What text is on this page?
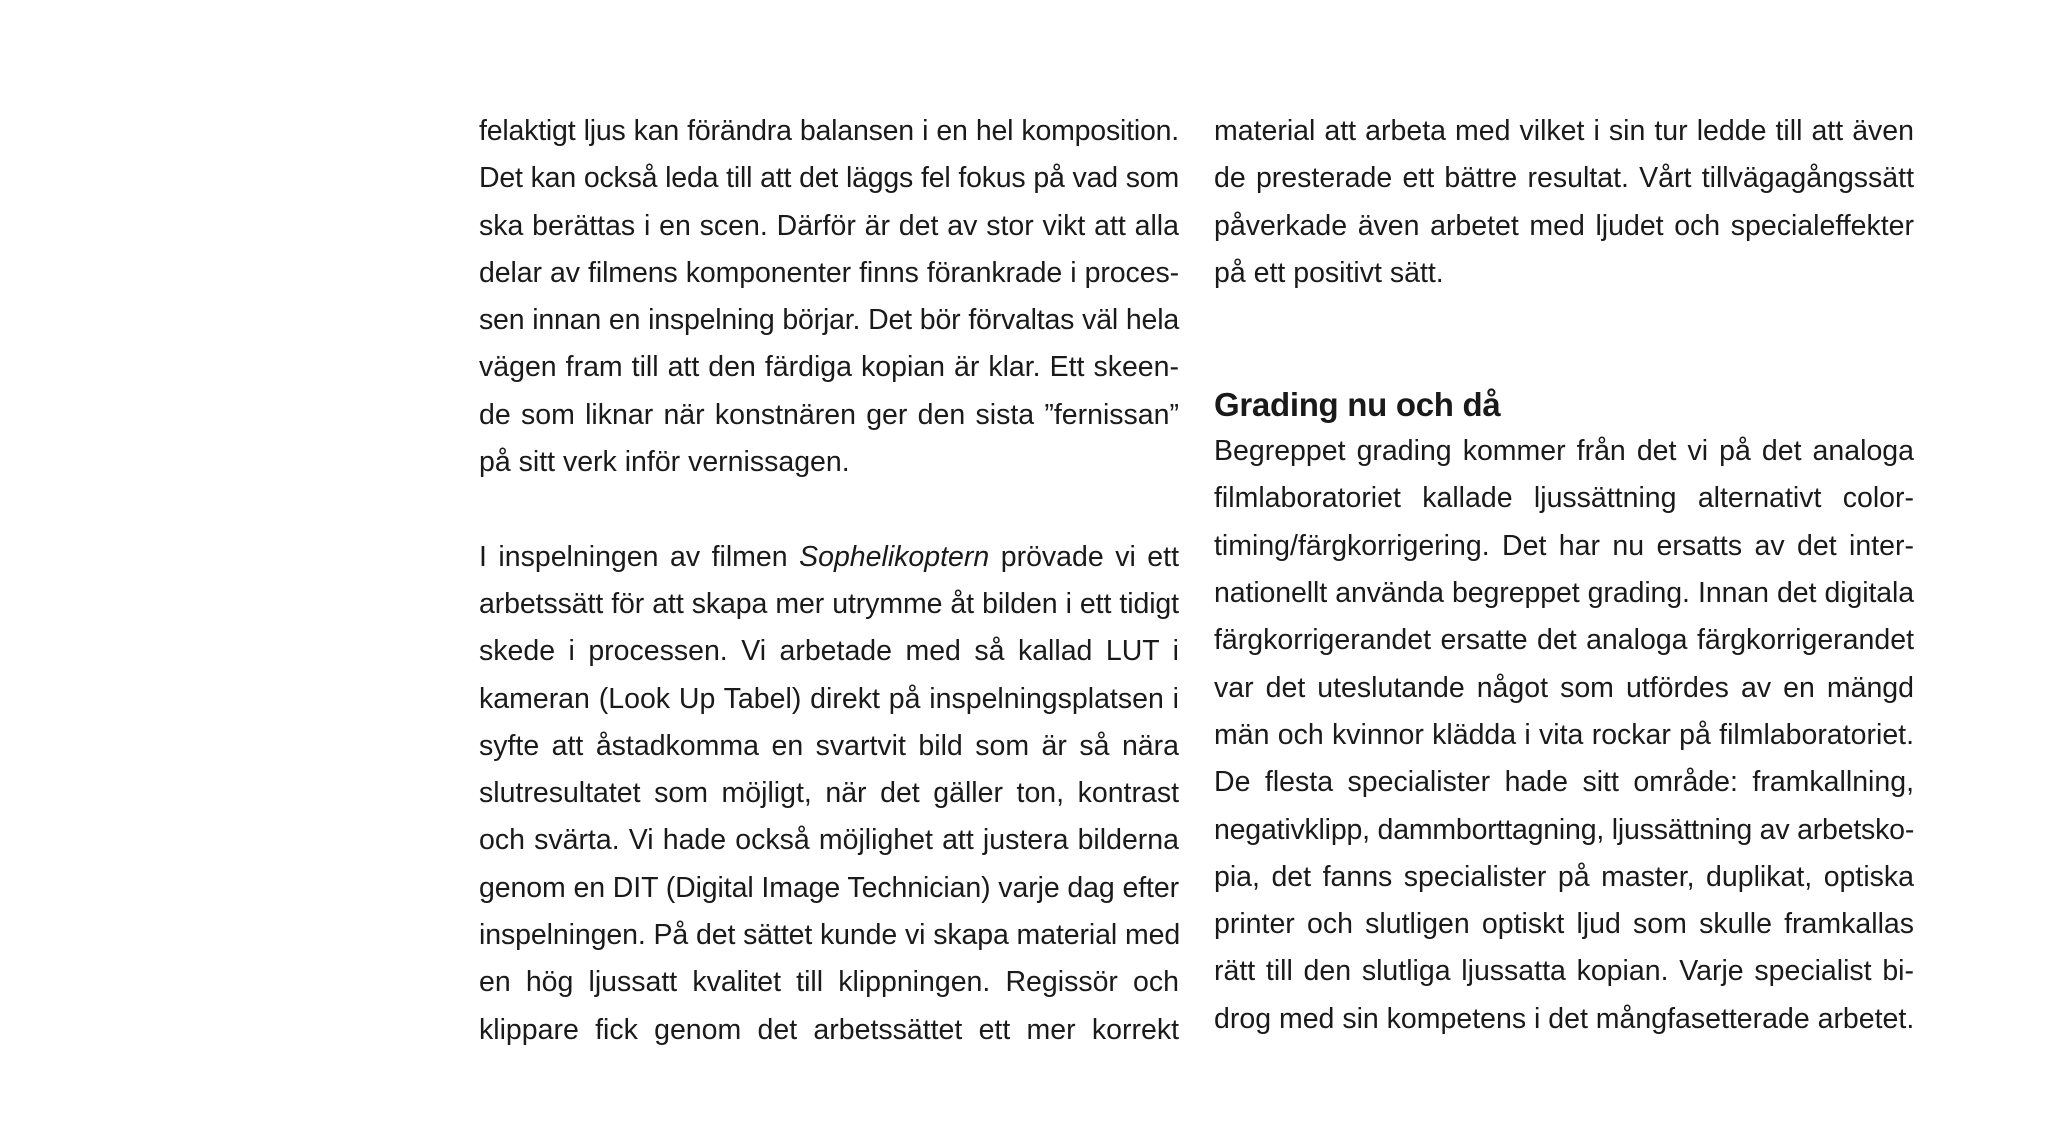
felaktigt ljus kan förändra balansen i en hel komposition.
Det kan också leda till att det läggs fel fokus på vad som
ska berättas i en scen. Därför är det av stor vikt att alla
delar av filmens komponenter finns förankrade i proces-
sen innan en inspelning börjar. Det bör förvaltas väl hela
vägen fram till att den färdiga kopian är klar. Ett skeen-
de som liknar när konstnären ger den sista ”fernissan”
på sitt verk inför vernissagen.
I inspelningen av filmen Sophelikoptern prövade vi ett
arbetssätt för att skapa mer utrymme åt bilden i ett tidigt
skede i processen. Vi arbetade med så kallad LUT i
kameran (Look Up Tabel) direkt på inspelningsplatsen i
syfte att åstadkomma en svartvit bild som är så nära
slutresultatet som möjligt, när det gäller ton, kontrast
och svärta. Vi hade också möjlighet att justera bilderna
genom en DIT (Digital Image Technician) varje dag efter
inspelningen. På det sättet kunde vi skapa material med
en hög ljussatt kvalitet till klippningen. Regissör och
klippare fick genom det arbetssättet ett mer korrekt
material att arbeta med vilket i sin tur ledde till att även
de presterade ett bättre resultat. Vårt tillvägagångssätt
påverkade även arbetet med ljudet och specialeffekter
på ett positivt sätt.
Grading nu och då
Begreppet grading kommer från det vi på det analoga
filmlaboratoriet kallade ljussättning alternativt color-
timing/färgkorrigering. Det har nu ersatts av det inter-
nationellt använda begreppet grading. Innan det digitala
färgkorrigerandet ersatte det analoga färgkorrigerandet
var det uteslutande något som utfördes av en mängd
män och kvinnor klädda i vita rockar på filmlaboratoriet.
De flesta specialister hade sitt område: framkallning,
negativklipp, dammborttagning, ljussättning av arbetsko-
pia, det fanns specialister på master, duplikat, optiska
printer och slutligen optiskt ljud som skulle framkallas
rätt till den slutliga ljussatta kopian. Varje specialist bi-
drog med sin kompetens i det mångfasetterade arbetet.
